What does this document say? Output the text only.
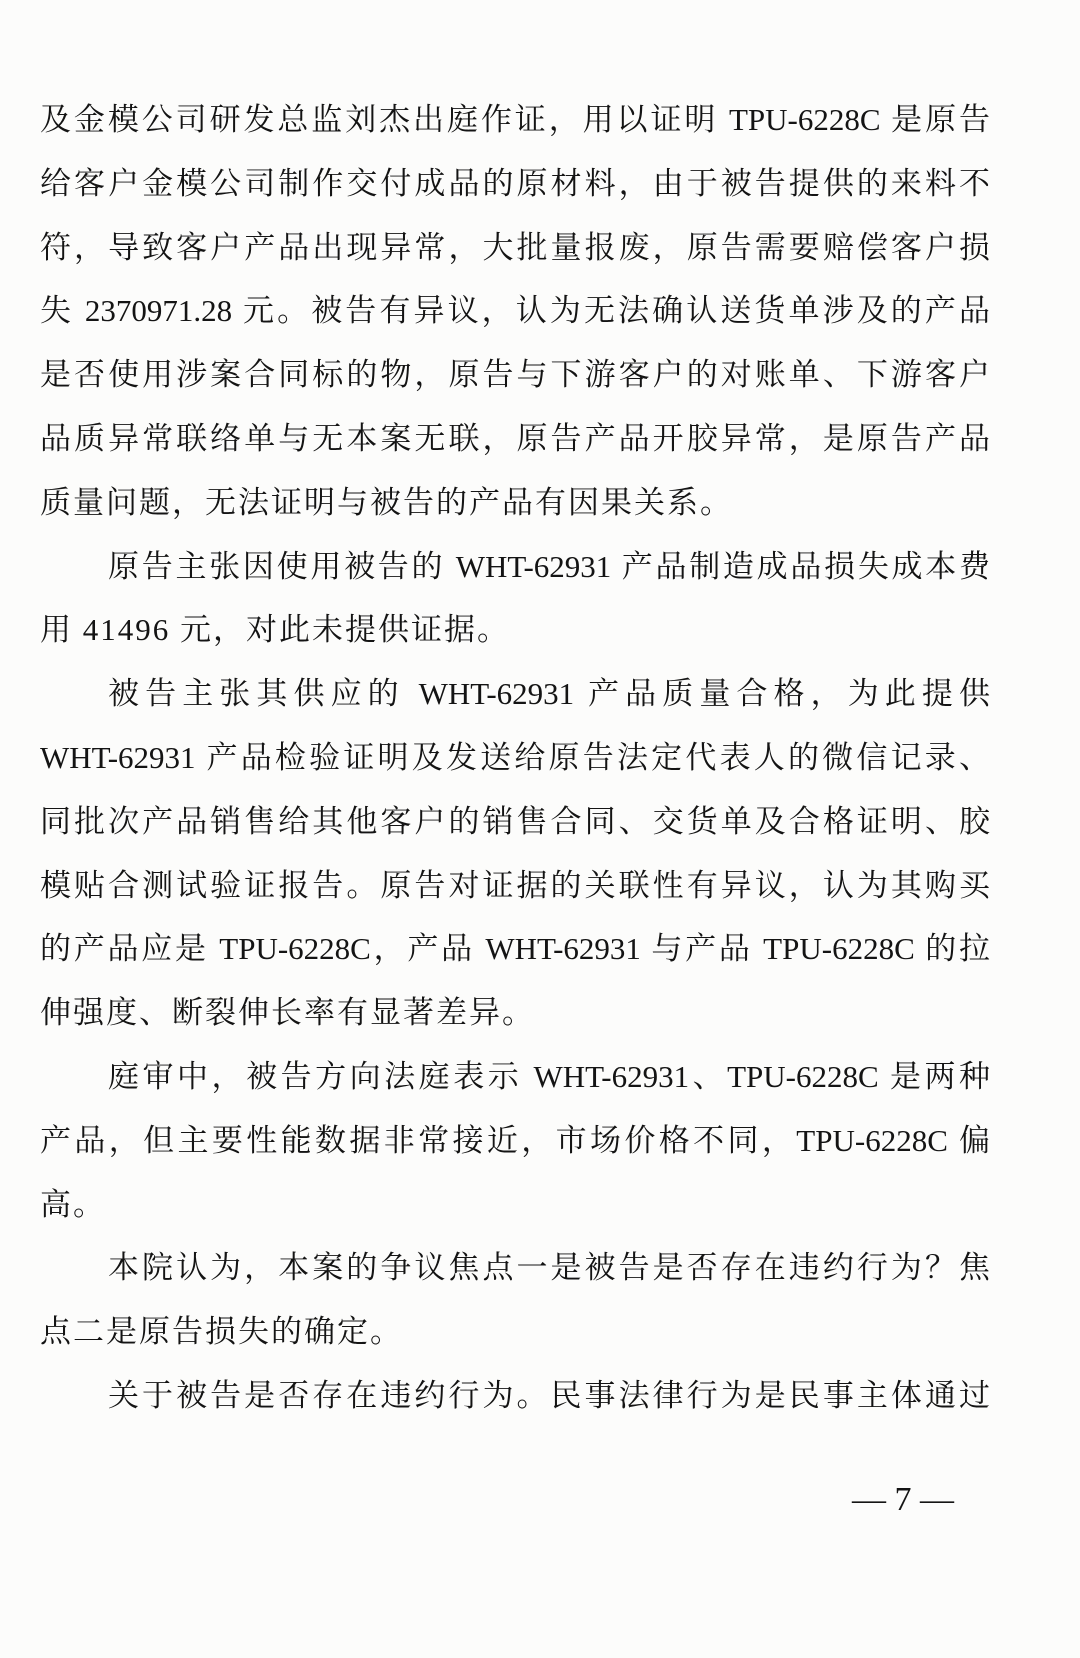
及金模公司研发总监刘杰出庭作证，用以证明 TPU-6228C 是原告
给客户金模公司制作交付成品的原材料，由于被告提供的来料不
符，导致客户产品出现异常，大批量报废，原告需要赔偿客户损
失 2370971.28 元。被告有异议，认为无法确认送货单涉及的产品
是否使用涉案合同标的物，原告与下游客户的对账单、下游客户
品质异常联络单与无本案无联，原告产品开胶异常，是原告产品
质量问题，无法证明与被告的产品有因果关系。
原告主张因使用被告的 WHT-62931 产品制造成品损失成本费
用 41496 元，对此未提供证据。
被告主张其供应的 WHT-62931 产品质量合格，为此提供
WHT-62931 产品检验证明及发送给原告法定代表人的微信记录、
同批次产品销售给其他客户的销售合同、交货单及合格证明、胶
模贴合测试验证报告。原告对证据的关联性有异议，认为其购买
的产品应是 TPU-6228C，产品 WHT-62931 与产品 TPU-6228C 的拉
伸强度、断裂伸长率有显著差异。
庭审中，被告方向法庭表示 WHT-62931、TPU-6228C 是两种
产品，但主要性能数据非常接近，市场价格不同，TPU-6228C 偏
高。
本院认为，本案的争议焦点一是被告是否存在违约行为？焦
点二是原告损失的确定。
关于被告是否存在违约行为。民事法律行为是民事主体通过
— 7 —
